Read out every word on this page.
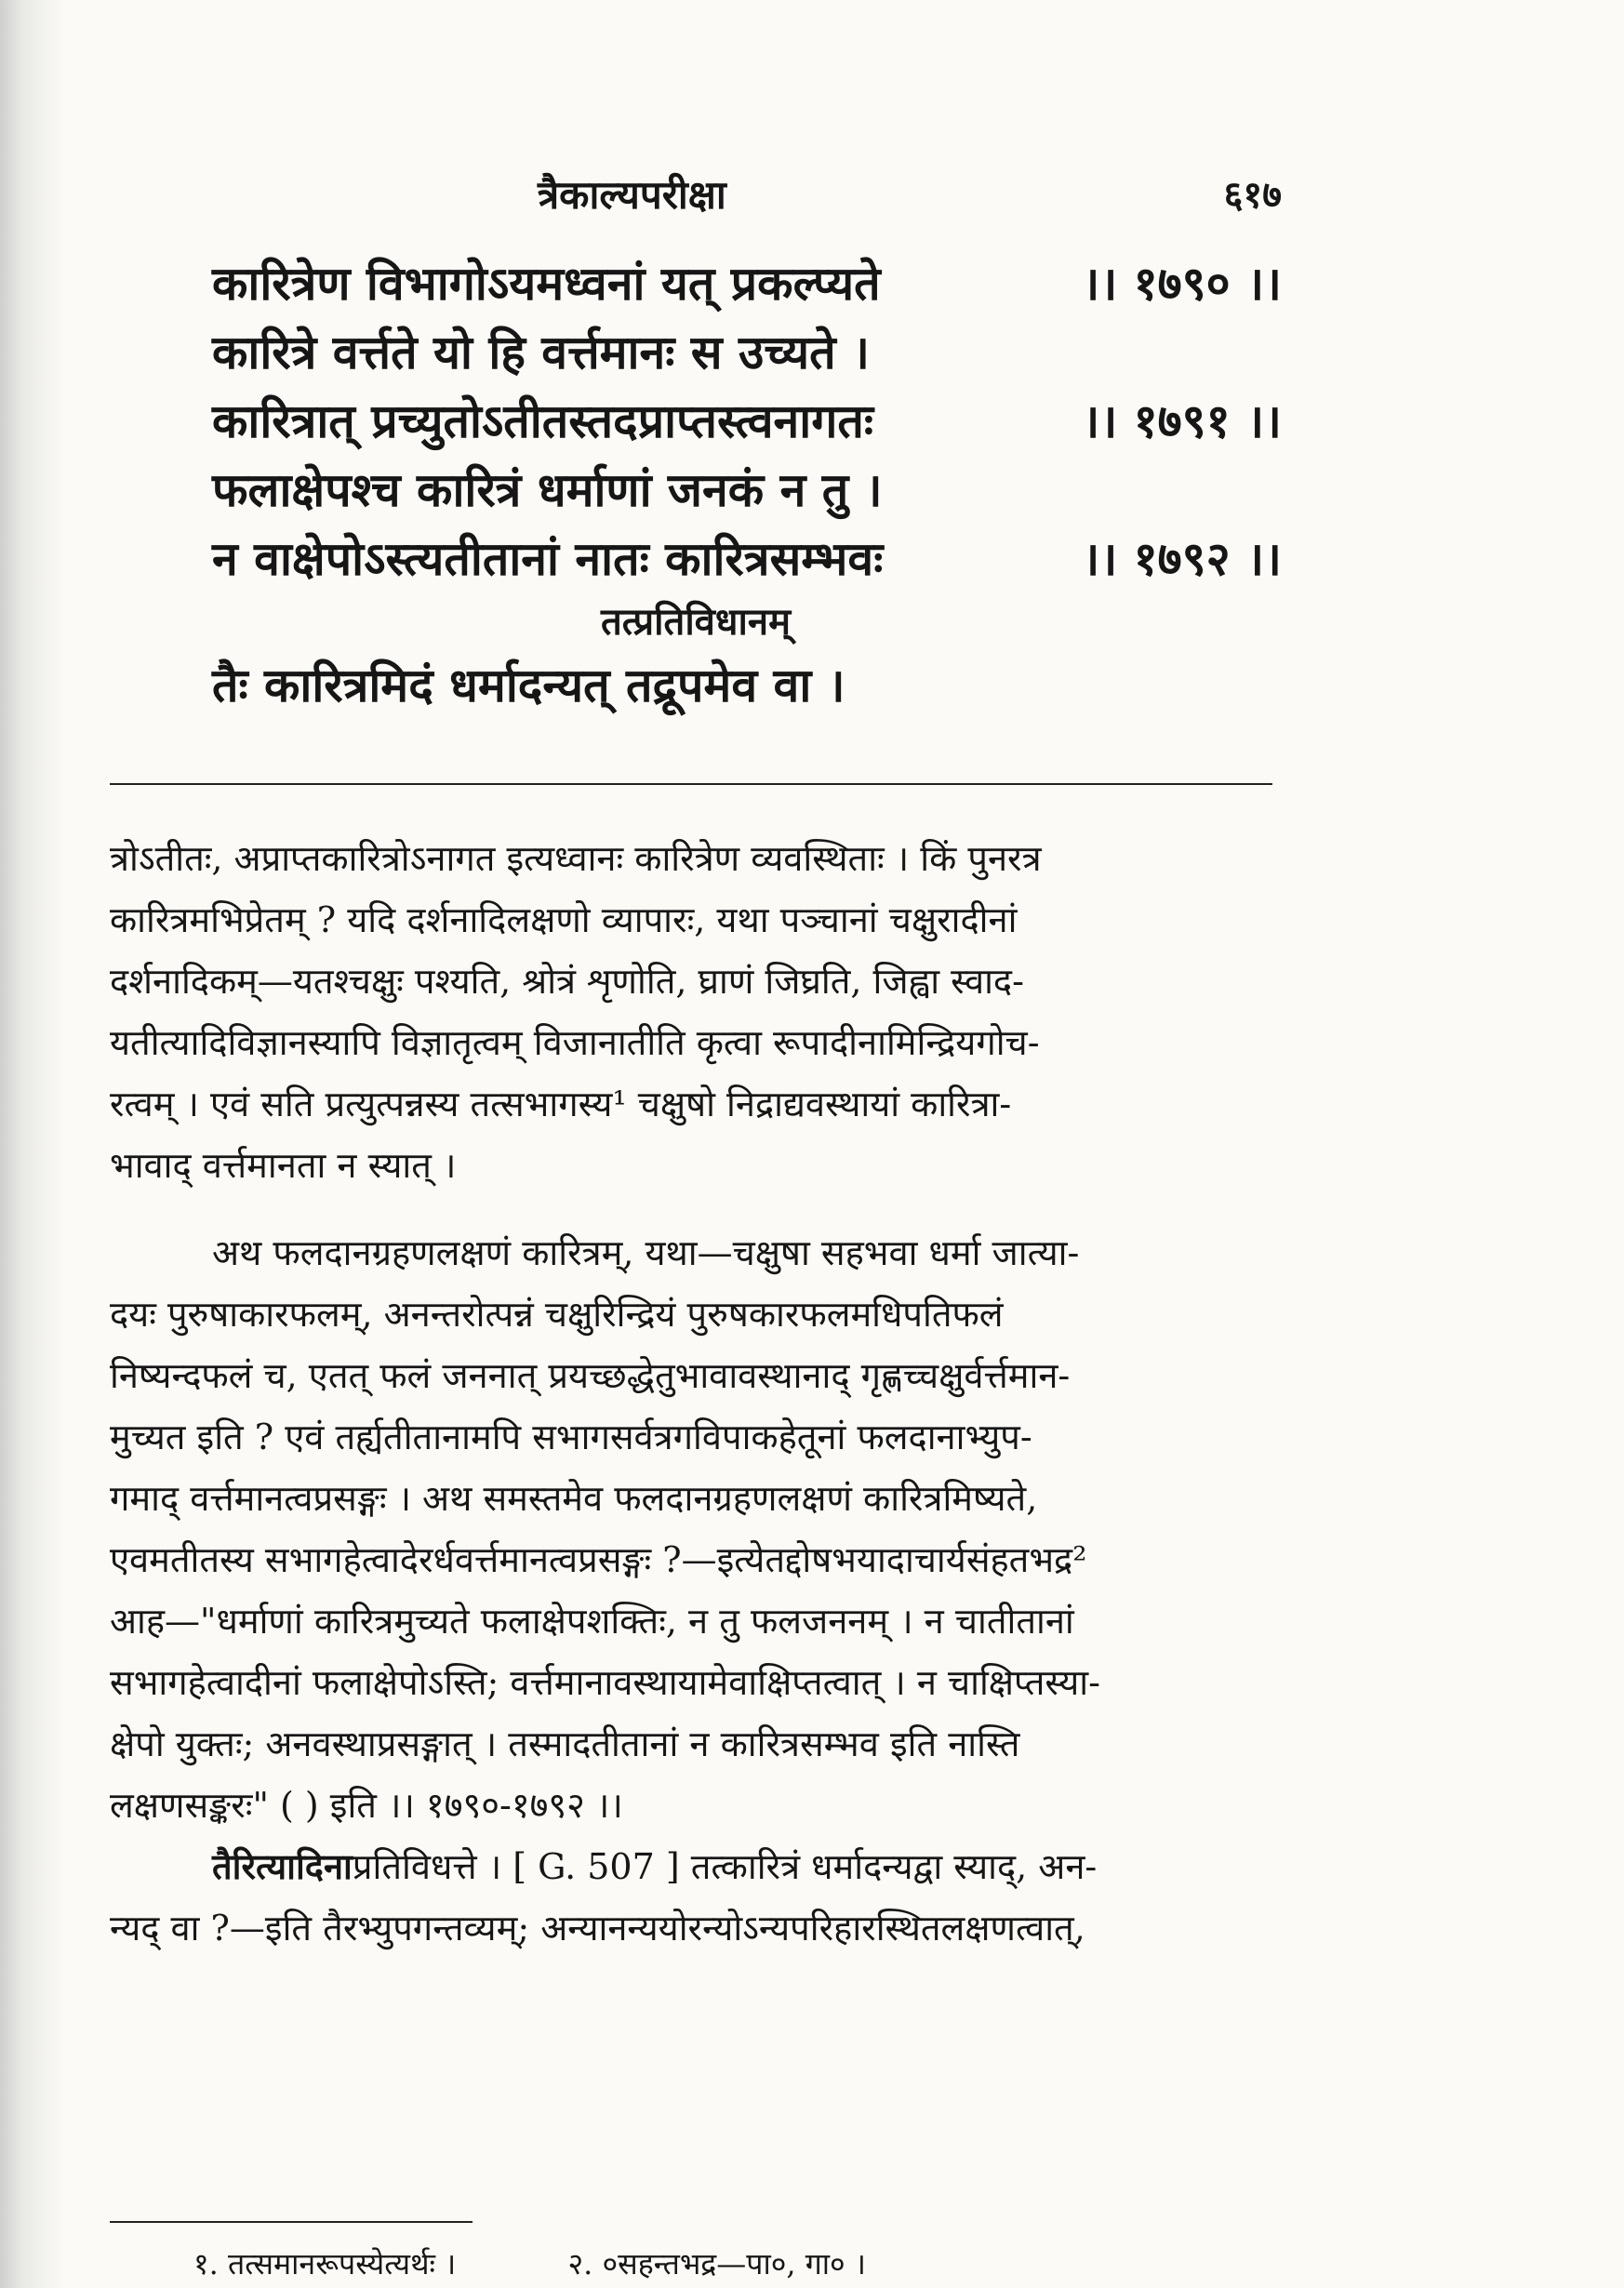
त्रैकाल्यपरीक्षा	६१७
कारित्रेण विभागोऽयमध्वनां यत् प्रकल्प्यते	।। १७९० ।।
कारित्रे वर्त्तते यो हि वर्त्तमानः स उच्यते ।
कारित्रात् प्रच्युतोऽतीतस्तदप्राप्तस्त्वनागतः	।। १७९१ ।।
फलाक्षेपश्च कारित्रं धर्माणां जनकं न तु ।
न वाक्षेपोऽस्त्यतीतानां नातः कारित्रसम्भवः	।। १७९२ ।।
तत्प्रतिविधानम्
तैः कारित्रमिदं धर्मादन्यत् तद्रूपमेव वा ।
त्रोऽतीतः, अप्राप्तकारित्रोऽनागत इत्यध्वानः कारित्रेण व्यवस्थिताः । किं पुनरत्र
कारित्रमभिप्रेतम् ? यदि दर्शनादिलक्षणो व्यापारः, यथा पञ्चानां चक्षुरादीनां
दर्शनादिकम्—यतश्चक्षुः पश्यति, श्रोत्रं शृणोति, घ्राणं जिघ्रति, जिह्वा स्वाद-
यतीत्यादिविज्ञानस्यापि विज्ञातृत्वम् विजानातीति कृत्वा रूपादीनामिन्द्रियगोच-
रत्वम् । एवं सति प्रत्युत्पन्नस्य तत्सभागस्य¹ चक्षुषो निद्राद्यवस्थायां कारित्रा-
भावाद् वर्त्तमानता न स्यात् ।
अथ फलदानग्रहणलक्षणं कारित्रम्, यथा—चक्षुषा सहभवा धर्मा जात्या-
दयः पुरुषाकारफलम्, अनन्तरोत्पन्नं चक्षुरिन्द्रियं पुरुषकारफलमधिपतिफलं
निष्यन्दफलं च, एतत् फलं जननात् प्रयच्छद्धेतुभावावस्थानाद् गृह्णच्चक्षुर्वर्त्तमान-
मुच्यत इति ? एवं तर्ह्यतीतानामपि सभागसर्वत्रगविपाकहेतूनां फलदानाभ्युप-
गमाद् वर्त्तमानत्वप्रसङ्गः । अथ समस्तमेव फलदानग्रहणलक्षणं कारित्रमिष्यते,
एवमतीतस्य सभागहेत्वादेरर्धवर्त्तमानत्वप्रसङ्गः ?—इत्येतद्दोषभयादाचार्यसंहतभद्र²
आह—"धर्माणां कारित्रमुच्यते फलाक्षेपशक्तिः, न तु फलजननम् । न चातीतानां
सभागहेत्वादीनां फलाक्षेपोऽस्ति; वर्त्तमानावस्थायामेवाक्षिप्तत्वात् । न चाक्षिप्तस्या-
क्षेपो युक्तः; अनवस्थाप्रसङ्गात् । तस्मादतीतानां न कारित्रसम्भव इति नास्ति
लक्षणसङ्करः" ( ) इति ।। १७९०-१७९२ ।।
तैरित्यादिनाप्रतिविधत्ते । [ G. 507 ] तत्कारित्रं धर्मादन्यद्वा स्याद्, अन-
न्यद् वा ?—इति तैरभ्युपगन्तव्यम्; अन्यानन्ययोरन्योऽन्यपरिहारस्थितलक्षणत्वात्,
१. तत्समानरूपस्येत्यर्थः ।	२. ०सहन्तभद्र—पा०, गा० ।
